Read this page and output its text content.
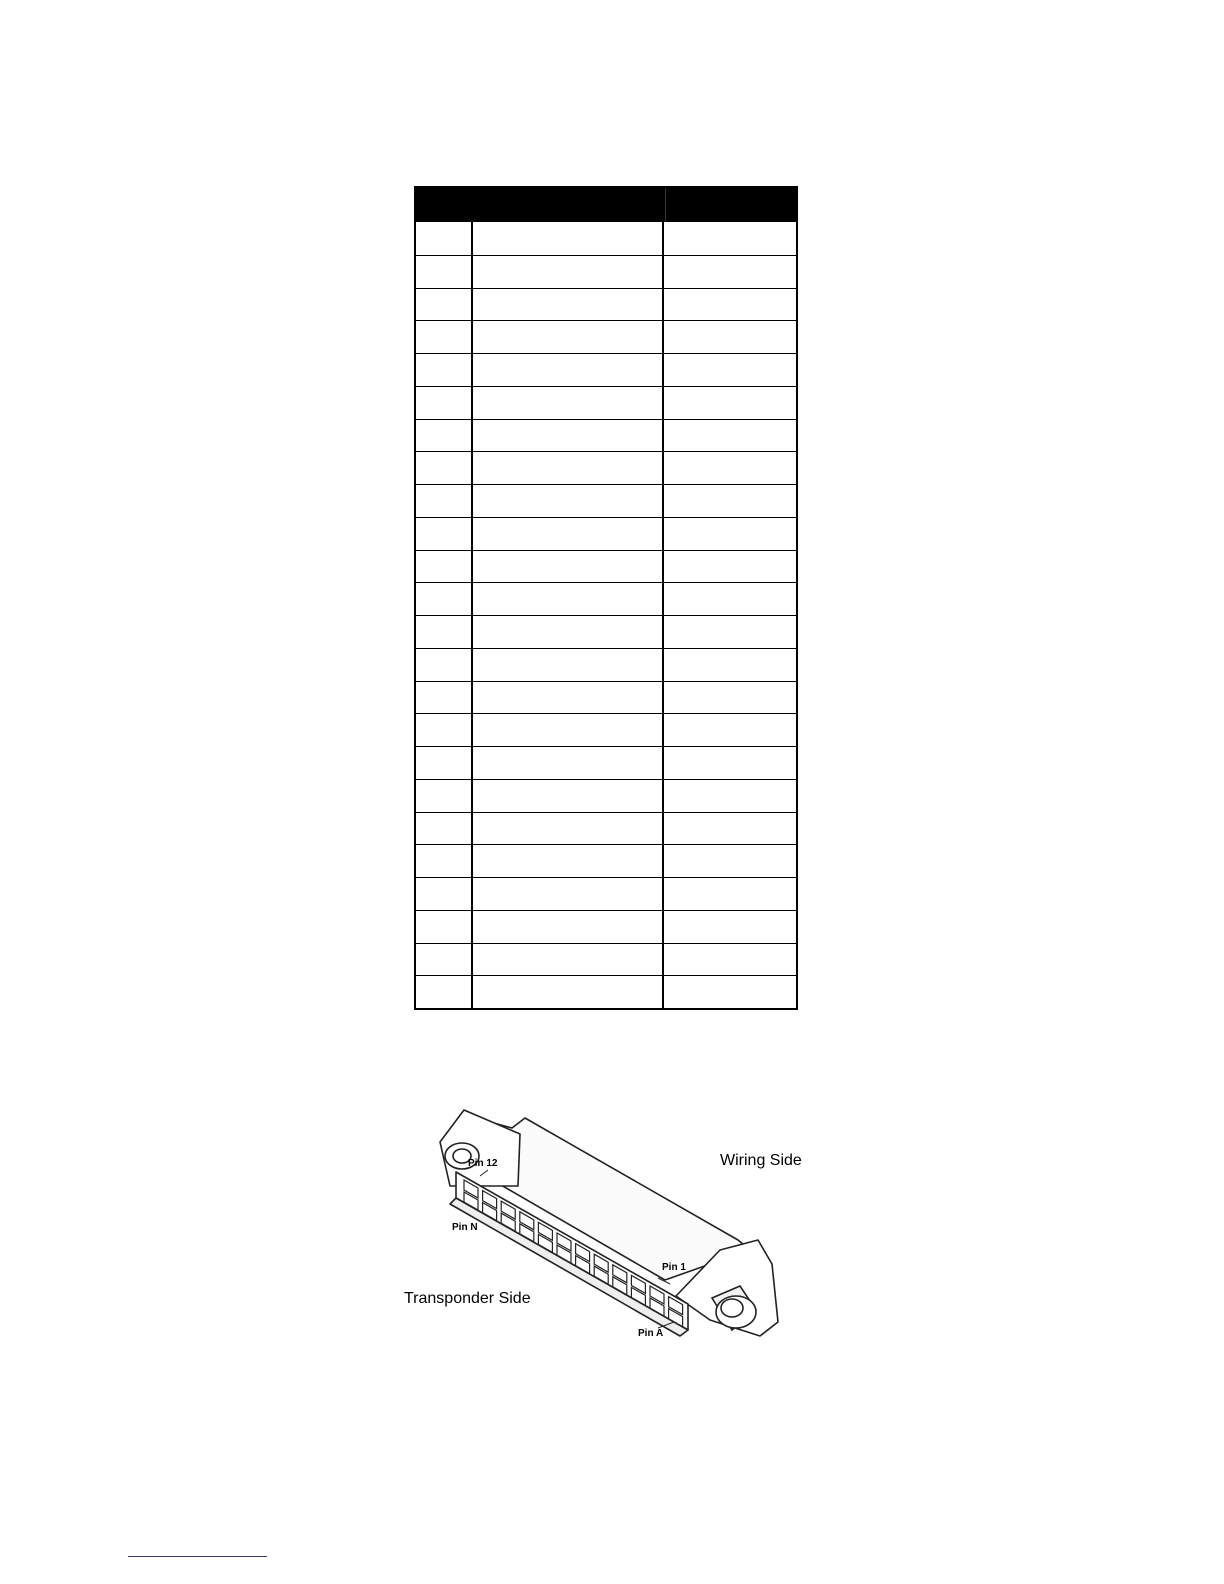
Wiring Side
Transponder Side
Pin 12
Pin N
Pin 1
Pin A
